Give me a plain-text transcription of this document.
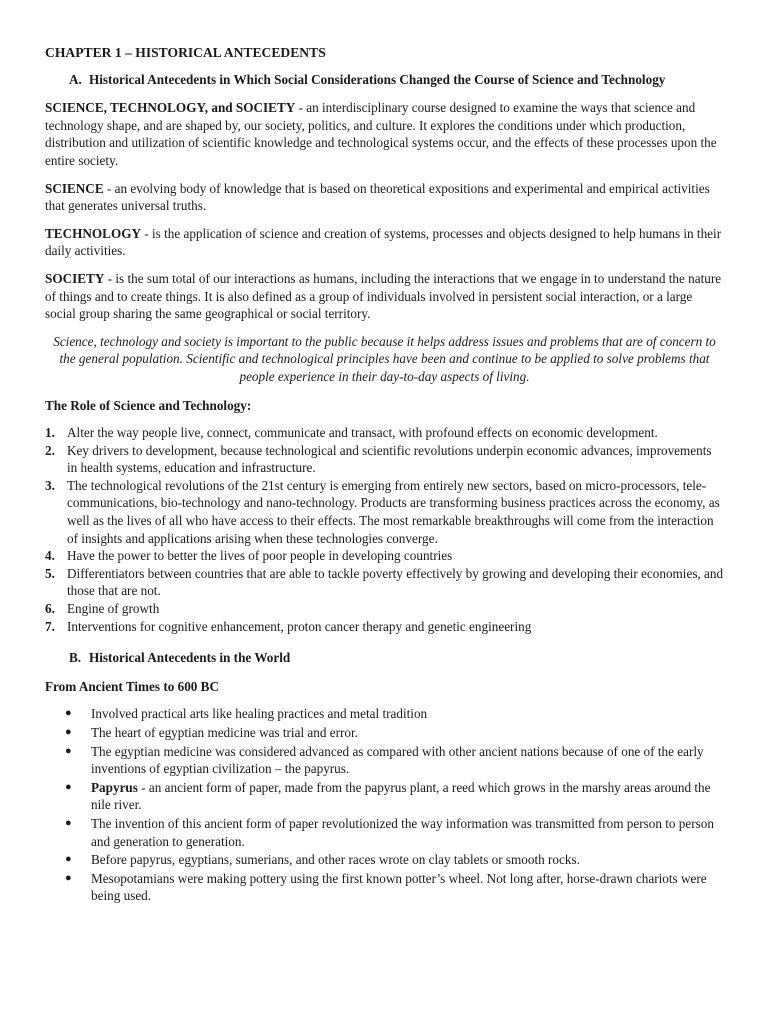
CHAPTER 1 – HISTORICAL ANTECEDENTS
A. Historical Antecedents in Which Social Considerations Changed the Course of Science and Technology

SCIENCE, TECHNOLOGY, and SOCIETY - an interdisciplinary course designed to examine the ways that science and technology shape, and are shaped by, our society, politics, and culture. It explores the conditions under which production, distribution and utilization of scientific knowledge and technological systems occur, and the effects of these processes upon the entire society.

SCIENCE - an evolving body of knowledge that is based on theoretical expositions and experimental and empirical activities that generates universal truths.

TECHNOLOGY - is the application of science and creation of systems, processes and objects designed to help humans in their daily activities.

SOCIETY - is the sum total of our interactions as humans, including the interactions that we engage in to understand the nature of things and to create things. It is also defined as a group of individuals involved in persistent social interaction, or a large social group sharing the same geographical or social territory.

Science, technology and society is important to the public because it helps address issues and problems that are of concern to the general population. Scientific and technological principles have been and continue to be applied to solve problems that people experience in their day-to-day aspects of living.

The Role of Science and Technology:
1. Alter the way people live, connect, communicate and transact, with profound effects on economic development.
2. Key drivers to development, because technological and scientific revolutions underpin economic advances, improvements in health systems, education and infrastructure.
3. The technological revolutions of the 21st century is emerging from entirely new sectors, based on micro-processors, tele-communications, bio-technology and nano-technology. Products are transforming business practices across the economy, as well as the lives of all who have access to their effects. The most remarkable breakthroughs will come from the interaction of insights and applications arising when these technologies converge.
4. Have the power to better the lives of poor people in developing countries
5. Differentiators between countries that are able to tackle poverty effectively by growing and developing their economies, and those that are not.
6. Engine of growth
7. Interventions for cognitive enhancement, proton cancer therapy and genetic engineering
B. Historical Antecedents in the World
From Ancient Times to 600 BC
●	Involved practical arts like healing practices and metal tradition
●	The heart of egyptian medicine was trial and error.
●	The egyptian medicine was considered advanced as compared with other ancient nations because of one of the early inventions of egyptian civilization – the papyrus.
●	Papyrus - an ancient form of paper, made from the papyrus plant, a reed which grows in the marshy areas around the nile river.
●	The invention of this ancient form of paper revolutionized the way information was transmitted from person to person and generation to generation.
●	Before papyrus, egyptians, sumerians, and other races wrote on clay tablets or smooth rocks.
●	Mesopotamians were making pottery using the first known potter’s wheel. Not long after, horse-drawn chariots were being used.
